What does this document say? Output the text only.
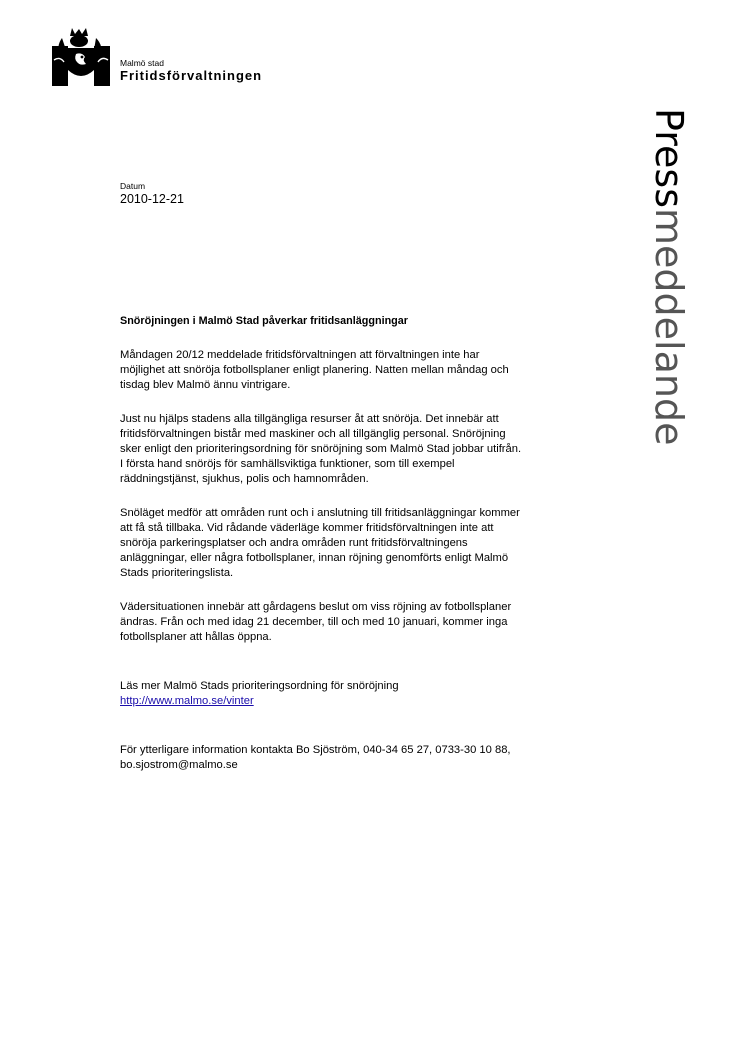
Malmö stad

Fritidsförvaltningen

Pressmeddelande

Datum

2010-12-21

Snöröjningen i Malmö Stad påverkar fritidsanläggningar

Måndagen 20/12 meddelade fritidsförvaltningen att förvaltningen inte har

möjlighet att snöröja fotbollsplaner enligt planering. Natten mellan måndag och

tisdag blev Malmö ännu vintrigare.

Just nu hjälps stadens alla tillgängliga resurser åt att snöröja. Det innebär att

fritidsförvaltningen bistår med maskiner och all tillgänglig personal. Snöröjning

sker enligt den prioriteringsordning för snöröjning som Malmö Stad jobbar utifrån.

I första hand snöröjs för samhällsviktiga funktioner, som till exempel

räddningstjänst, sjukhus, polis och hamnområden.

Snöläget medför att områden runt och i anslutning till fritidsanläggningar kommer

att få stå tillbaka. Vid rådande väderläge kommer fritidsförvaltningen inte att

snöröja parkeringsplatser och andra områden runt fritidsförvaltningens

anläggningar, eller några fotbollsplaner, innan röjning genomförts enligt Malmö

Stads prioriteringslista.

Vädersituationen innebär att gårdagens beslut om viss röjning av fotbollsplaner

ändras. Från och med idag 21 december, till och med 10 januari, kommer inga

fotbollsplaner att hållas öppna.

Läs mer Malmö Stads prioriteringsordning för snöröjning

http://www.malmo.se/vinter

För ytterligare information kontakta Bo Sjöström, 040-34 65 27, 0733-30 10 88,

bo.sjostrom@malmo.se
